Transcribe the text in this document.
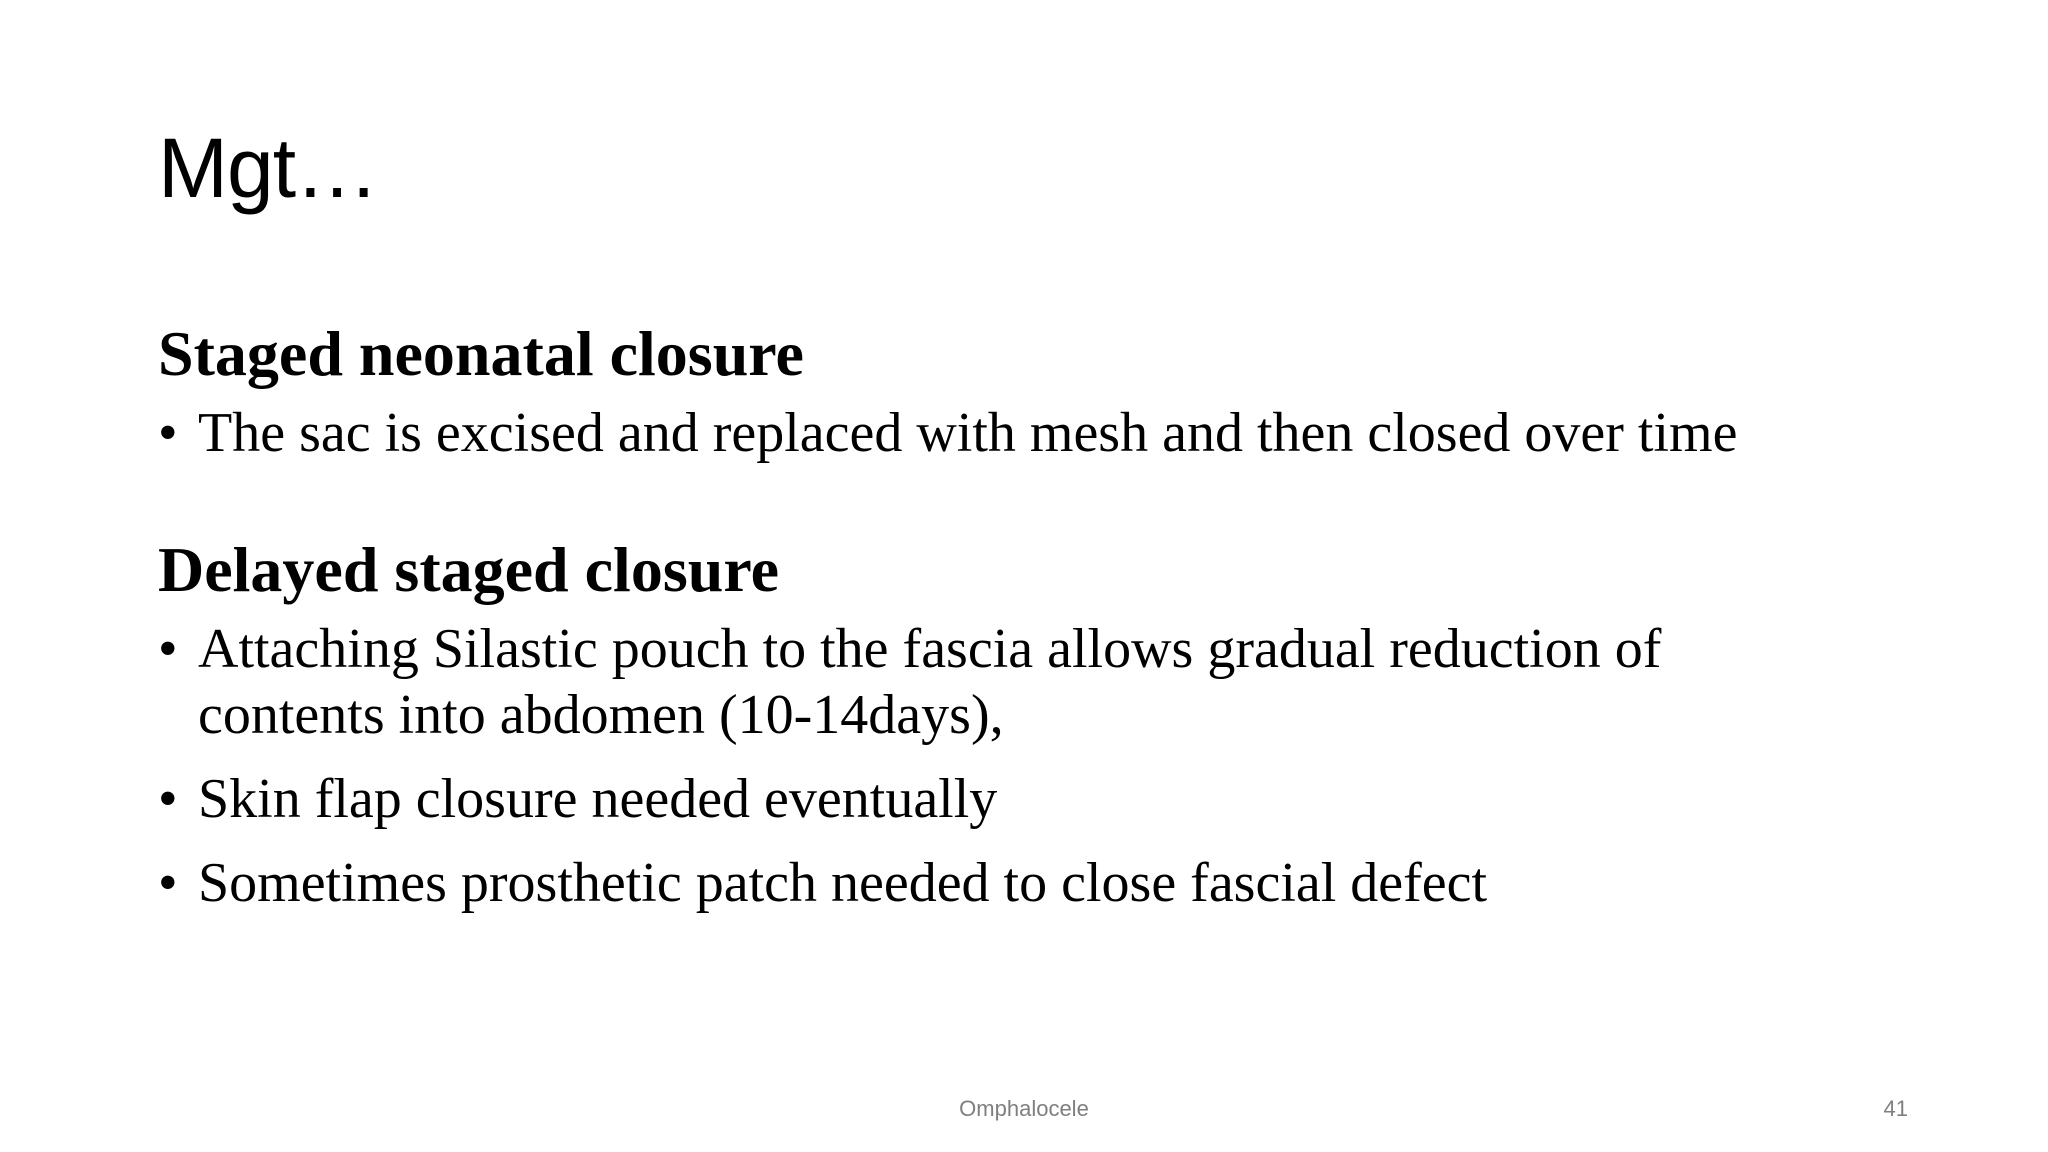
Mgt…
Staged neonatal closure
• The sac is excised and replaced with mesh and then closed over time
Delayed staged closure
• Attaching Silastic pouch to the fascia allows gradual reduction of contents into abdomen (10-14days),
• Skin flap closure needed eventually
• Sometimes prosthetic patch needed to close fascial defect
Omphalocele	41
